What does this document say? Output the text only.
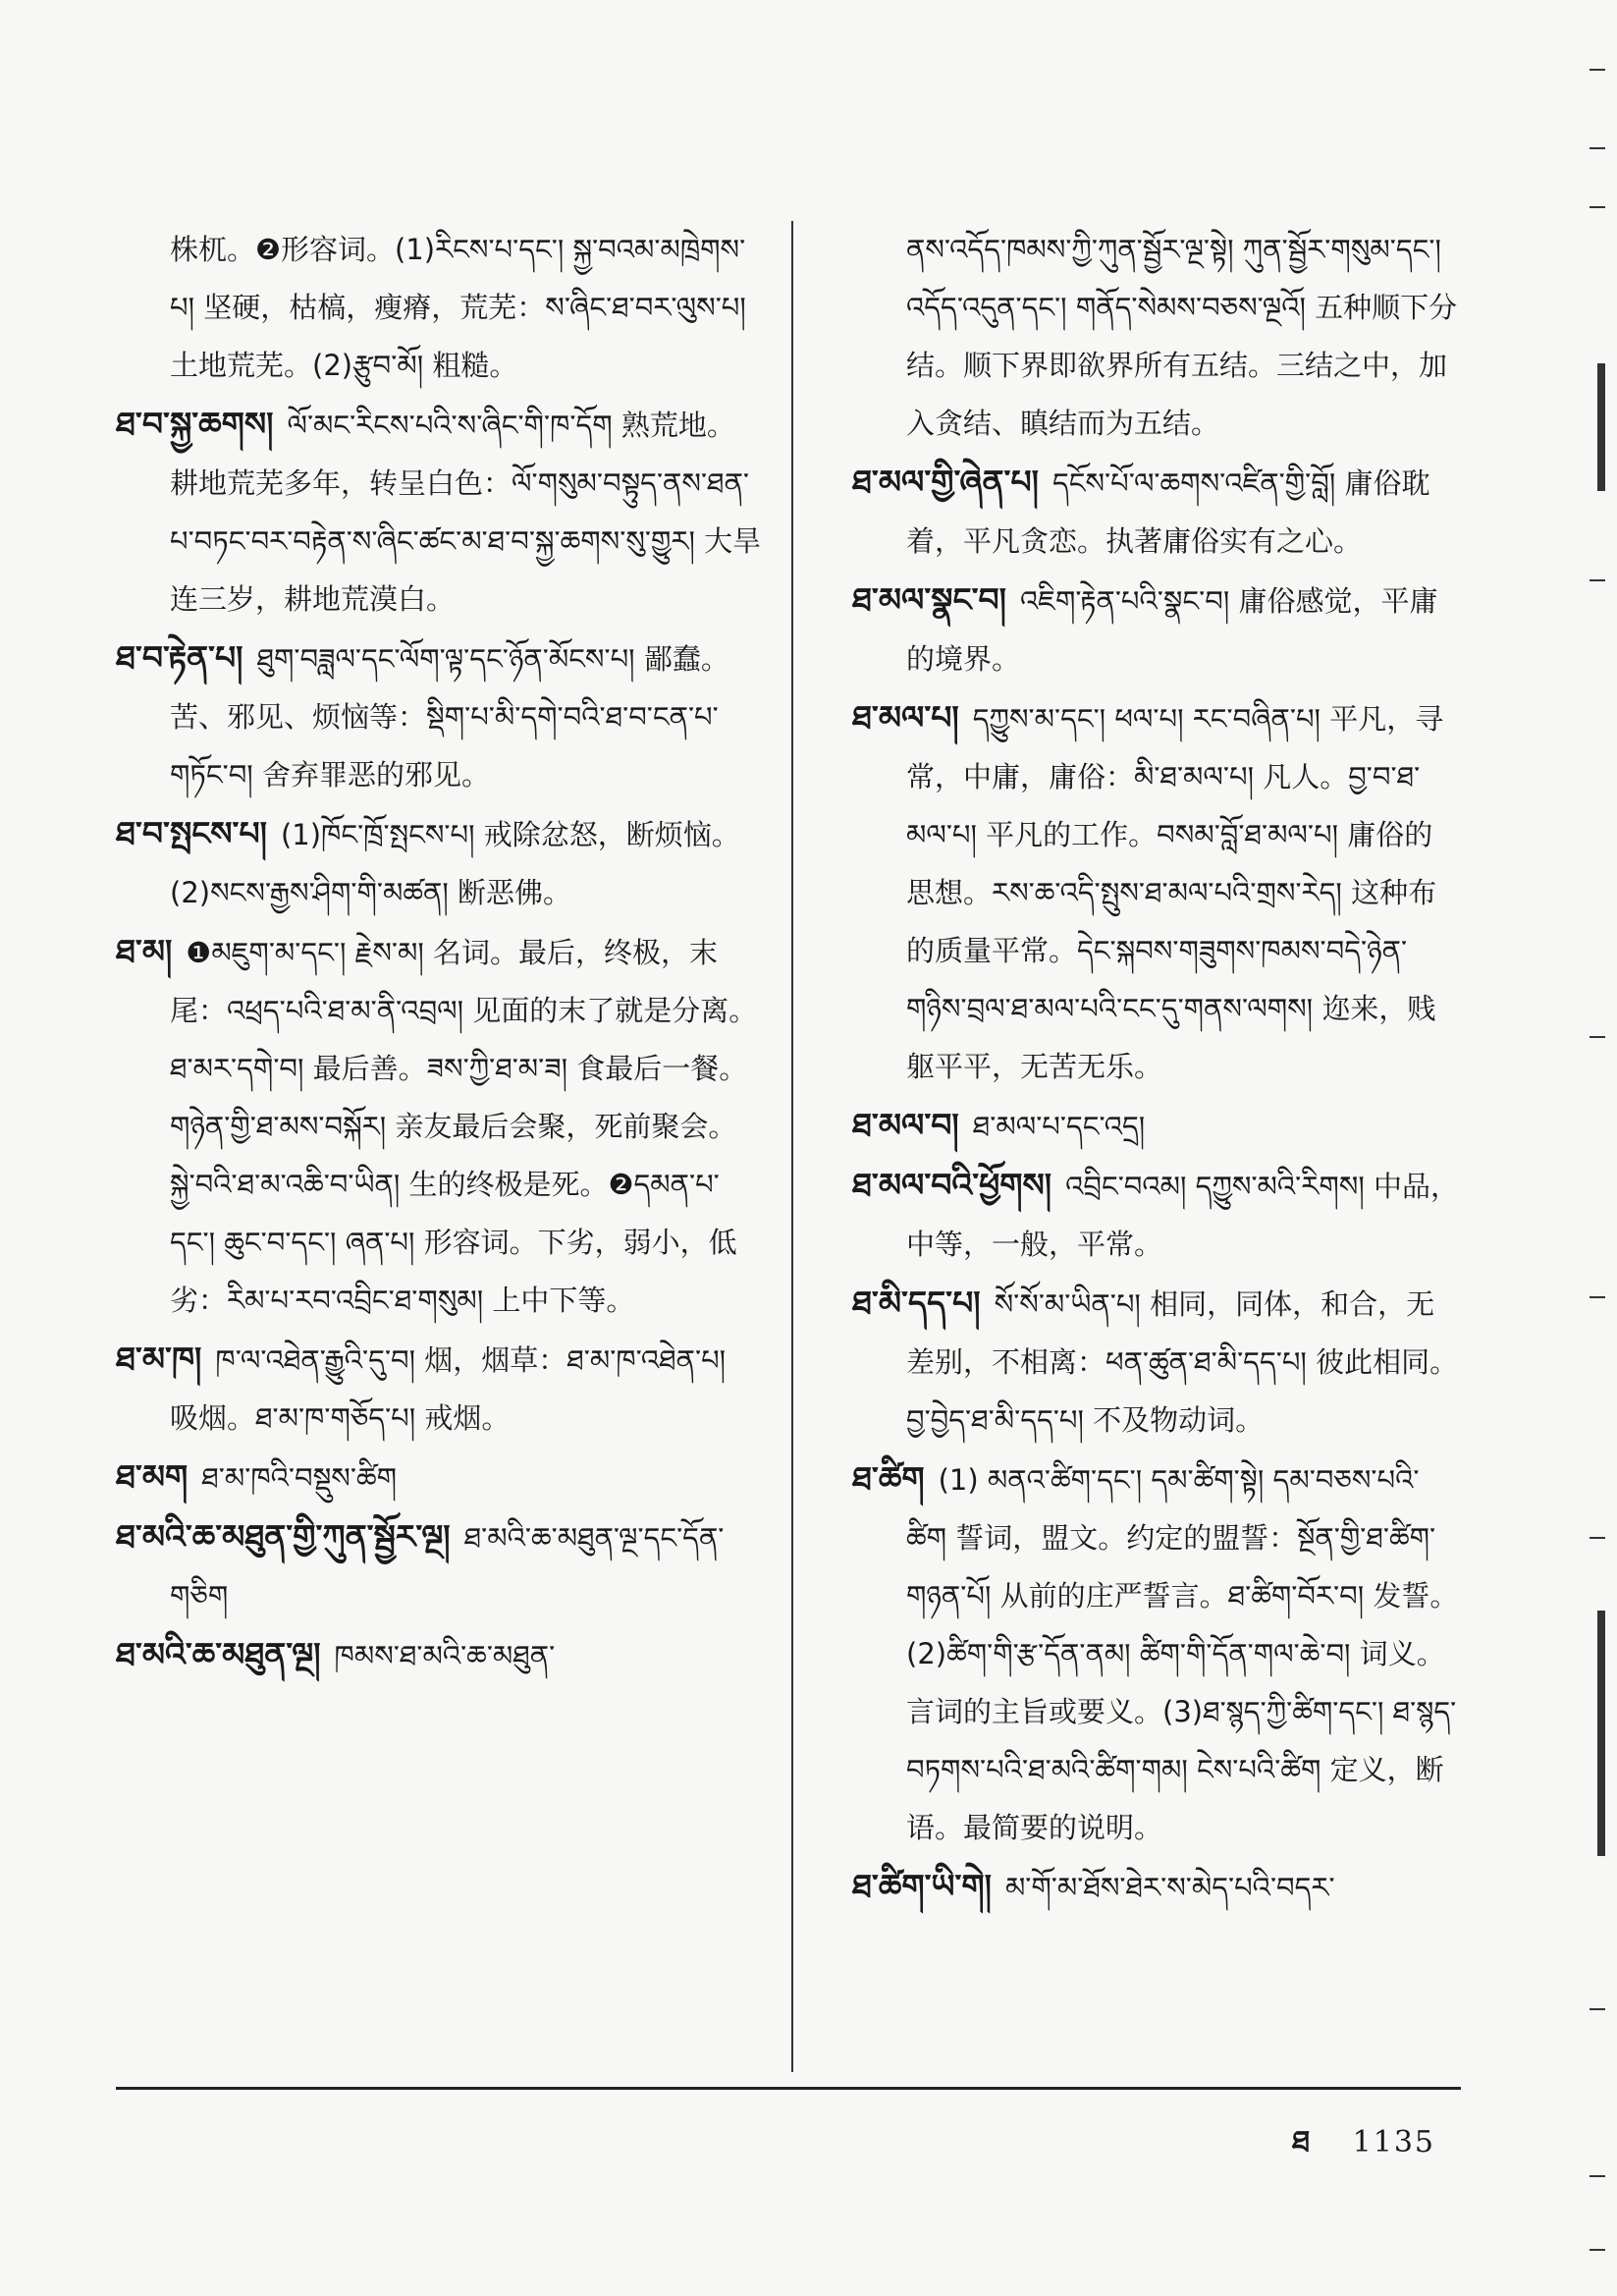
株杌。❷形容词。(1)རིངས་པ་དང་། སྐྱ་བའམ་མཁྲེགས་པ། 坚硬，枯槁，瘦瘠，荒芜：ས་ཞིང་ཐ་བར་ལུས་པ། 土地荒芜。(2)རྩུབ་མོ། 粗糙。

ཐ་བ་སྐྱ་ཆགས། ལོ་མང་རིངས་པའི་ས་ཞིང་གི་ཁ་དོག 熟荒地。耕地荒芜多年，转呈白色：ལོ་གསུམ་བསྟུད་ནས་ཐན་པ་བཏང་བར་བརྟེན་ས་ཞིང་ཚང་མ་ཐ་བ་སྐྱ་ཆགས་སུ་གྱུར། 大旱连三岁，耕地荒漠白。
ཐ་བ་རྟེན་པ། ཐུག་བཟླལ་དང་ལོག་ལྟ་དང་ཉོན་མོངས་པ། 鄙蠢。苦、邪见、烦恼等：སྡིག་པ་མི་དགེ་བའི་ཐ་བ་ངན་པ་གཏོང་བ། 舍弃罪恶的邪见。
ཐ་བ་སྤངས་པ། (1)ཁོང་ཁྲོ་སྤངས་པ། 戒除忿怒，断烦恼。(2)སངས་རྒྱས་ཤིག་གི་མཚན། 断恶佛。
ཐ་མ། ❶མཇུག་མ་དང་། རྗེས་མ། 名词。最后，终极，末尾：འཕྲད་པའི་ཐ་མ་ནི་འབྲལ། 见面的末了就是分离。ཐ་མར་དགེ་བ། 最后善。ཟས་ཀྱི་ཐ་མ་ཟ། 食最后一餐。གཉེན་གྱི་ཐ་མས་བསྐོར། 亲友最后会聚，死前聚会。སྐྱེ་བའི་ཐ་མ་འཆི་བ་ཡིན། 生的终极是死。❷དམན་པ་དང་། ཆུང་བ་དང་། ཞན་པ། 形容词。下劣，弱小，低劣：རིམ་པ་རབ་འབྲིང་ཐ་གསུམ། 上中下等。
ཐ་མ་ཁ། ཁ་ལ་འཐེན་རྒྱུའི་དུ་བ། 烟，烟草：ཐ་མ་ཁ་འཐེན་པ། 吸烟。ཐ་མ་ཁ་གཅོད་པ། 戒烟。
ཐ་མག ཐ་མ་ཁའི་བསྡུས་ཚིག
ཐ་མའི་ཆ་མཐུན་གྱི་ཀུན་སྦྱོར་ལྔ། ཐ་མའི་ཆ་མཐུན་ལྔ་དང་དོན་གཅིག
ཐ་མའི་ཆ་མཐུན་ལྔ། ཁམས་ཐ་མའི་ཆ་མཐུན་

ནས་འདོད་ཁམས་ཀྱི་ཀུན་སྦྱོར་ལྔ་སྟེ། ཀུན་སྦྱོར་གསུམ་དང་། འདོད་འདུན་དང་། གནོད་སེམས་བཅས་ལྔའོ། 五种顺下分结。顺下界即欲界所有五结。三结之中，加入贪结、瞋结而为五结。

ཐ་མལ་གྱི་ཞེན་པ། དངོས་པོ་ལ་ཆགས་འཛིན་གྱི་བློ། 庸俗耽着，平凡贪恋。执著庸俗实有之心。
ཐ་མལ་སྣང་བ། འཇིག་རྟེན་པའི་སྣང་བ། 庸俗感觉，平庸的境界。
ཐ་མལ་པ། དཀྱུས་མ་དང་། ཕལ་པ། རང་བཞིན་པ། 平凡，寻常，中庸，庸俗：མི་ཐ་མལ་པ། 凡人。བྱ་བ་ཐ་མལ་པ། 平凡的工作。བསམ་བློ་ཐ་མལ་པ། 庸俗的思想。རས་ཆ་འདི་སྤུས་ཐ་མལ་པའི་གྲས་རེད། 这种布的质量平常。དེང་སྐབས་གཟུགས་ཁམས་བདེ་ཉེན་གཉིས་བྲལ་ཐ་མལ་པའི་ངང་དུ་གནས་ལགས། 迩来，贱躯平平，无苦无乐。
ཐ་མལ་བ། ཐ་མལ་པ་དང་འདྲ།
ཐ་མལ་བའི་ཕྱོགས། འབྲིང་བའམ། དཀྱུས་མའི་རིགས། 中品，中等，一般，平常。
ཐ་མི་དད་པ། སོ་སོ་མ་ཡིན་པ། 相同，同体，和合，无差别，不相离：ཕན་ཚུན་ཐ་མི་དད་པ། 彼此相同。བྱ་བྱེད་ཐ་མི་དད་པ། 不及物动词。
ཐ་ཚིག (1) མནའ་ཚིག་དང་། དམ་ཚིག་སྟེ། དམ་བཅས་པའི་ཚིག 誓词，盟文。约定的盟誓：སྔོན་གྱི་ཐ་ཚིག་གཉན་པོ། 从前的庄严誓言。ཐ་ཚིག་བོར་བ། 发誓。(2)ཚིག་གི་རྩ་དོན་ནམ། ཚིག་གི་དོན་གལ་ཆེ་བ། 词义。言词的主旨或要义。(3)ཐ་སྙད་ཀྱི་ཚིག་དང་། ཐ་སྙད་བཏགས་པའི་ཐ་མའི་ཚིག་གམ། ངེས་པའི་ཚིག 定义，断语。最简要的说明。
ཐ་ཚིག་ཡི་གེ། མ་གོ་མ་ཐོས་ཐེར་ས་མེད་པའི་བདར་
ཐ 1135
